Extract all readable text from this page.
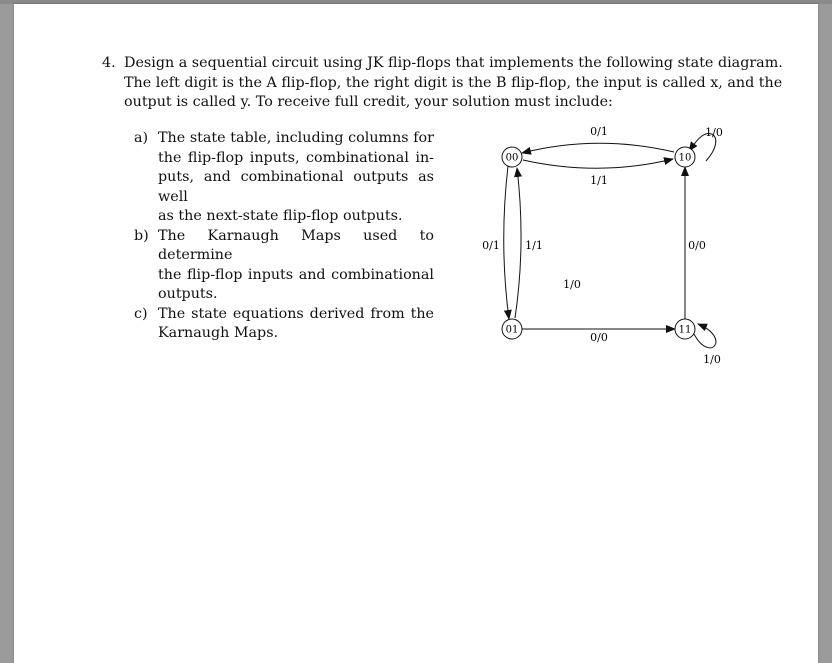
4. Design a sequential circuit using JK flip-flops that implements the following state diagram.
The left digit is the A flip-flop, the right digit is the B flip-flop, the input is called x, and the
output is called y. To receive full credit, your solution must include:
a) The state table, including columns for
the flip-flop inputs, combinational in-
puts, and combinational outputs as well
as the next-state flip-flop outputs.
b) The Karnaugh Maps used to determine
the flip-flop inputs and combinational
outputs.
c) The state equations derived from the
Karnaugh Maps.
00	10
01	11
0/1
1/1
1/0
0/1 1/1	0/0
0/0
1/0
1/0
